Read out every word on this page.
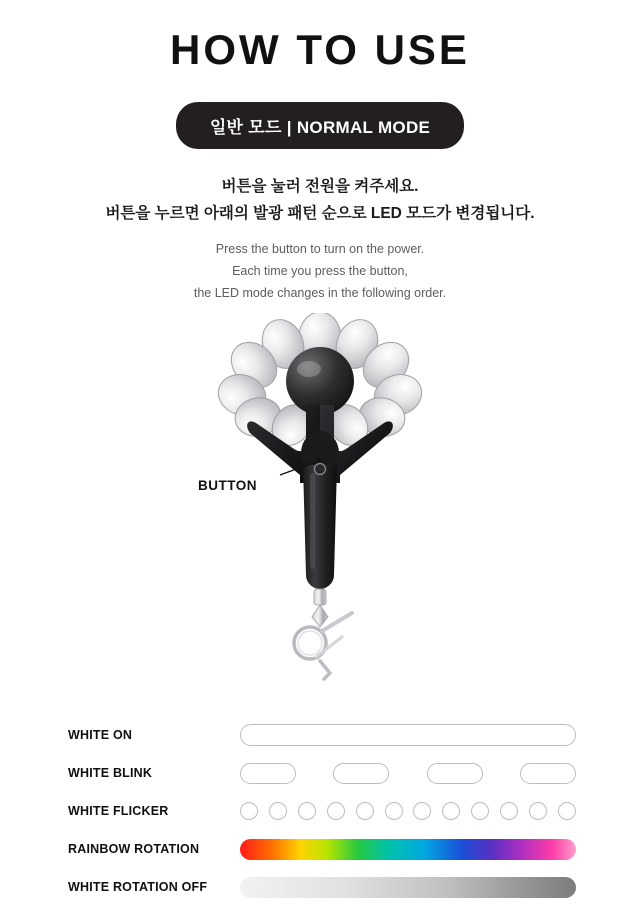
HOW TO USE
일반 모드 | NORMAL MODE
버튼을 눌러 전원을 켜주세요.
버튼을 누르면 아래의 발광 패턴 순으로 LED 모드가 변경됩니다.
Press the button to turn on the power.
Each time you press the button,
the LED mode changes in the following order.
BUTTON
WHITE ON
WHITE BLINK
WHITE FLICKER
RAINBOW ROTATION
WHITE ROTATION OFF
